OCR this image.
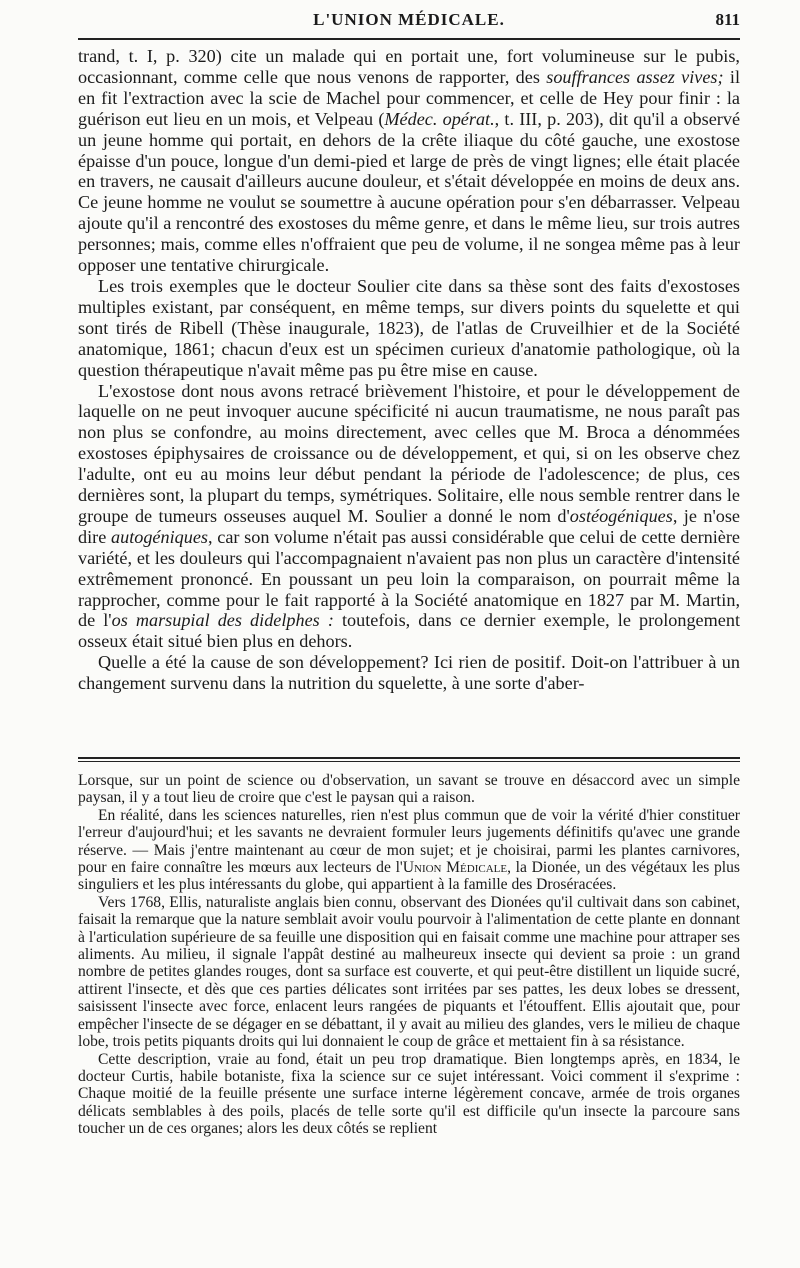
L'UNION MÉDICALE.	811

trand, t. I, p. 320) cite un malade qui en portait une, fort volumineuse sur le pubis, occasionnant, comme celle que nous venons de rapporter, des souffrances assez vives; il en fit l'extraction avec la scie de Machel pour commencer, et celle de Hey pour finir : la guérison eut lieu en un mois, et Velpeau (Médec. opérat., t. III, p. 203), dit qu'il a observé un jeune homme qui portait, en dehors de la crête iliaque du côté gauche, une exostose épaisse d'un pouce, longue d'un demi-pied et large de près de vingt lignes; elle était placée en travers, ne causait d'ailleurs aucune douleur, et s'était développée en moins de deux ans. Ce jeune homme ne voulut se soumettre à aucune opération pour s'en débarrasser. Velpeau ajoute qu'il a rencontré des exostoses du même genre, et dans le même lieu, sur trois autres personnes; mais, comme elles n'offraient que peu de volume, il ne songea même pas à leur opposer une tentative chirurgicale.

Les trois exemples que le docteur Soulier cite dans sa thèse sont des faits d'exostoses multiples existant, par conséquent, en même temps, sur divers points du squelette et qui sont tirés de Ribell (Thèse inaugurale, 1823), de l'atlas de Cruveilhier et de la Société anatomique, 1861; chacun d'eux est un spécimen curieux d'anatomie pathologique, où la question thérapeutique n'avait même pas pu être mise en cause.

L'exostose dont nous avons retracé brièvement l'histoire, et pour le développement de laquelle on ne peut invoquer aucune spécificité ni aucun traumatisme, ne nous paraît pas non plus se confondre, au moins directement, avec celles que M. Broca a dénommées exostoses épiphysaires de croissance ou de développement, et qui, si on les observe chez l'adulte, ont eu au moins leur début pendant la période de l'adolescence; de plus, ces dernières sont, la plupart du temps, symétriques. Solitaire, elle nous semble rentrer dans le groupe de tumeurs osseuses auquel M. Soulier a donné le nom d'ostéogéniques, je n'ose dire autogéniques, car son volume n'était pas aussi considérable que celui de cette dernière variété, et les douleurs qui l'accompagnaient n'avaient pas non plus un caractère d'intensité extrêmement prononcé. En poussant un peu loin la comparaison, on pourrait même la rapprocher, comme pour le fait rapporté à la Société anatomique en 1827 par M. Martin, de l'os marsupial des didelphes : toutefois, dans ce dernier exemple, le prolongement osseux était situé bien plus en dehors.

Quelle a été la cause de son développement? Ici rien de positif. Doit-on l'attribuer à un changement survenu dans la nutrition du squelette, à une sorte d'aber-

Lorsque, sur un point de science ou d'observation, un savant se trouve en désaccord avec un simple paysan, il y a tout lieu de croire que c'est le paysan qui a raison.

En réalité, dans les sciences naturelles, rien n'est plus commun que de voir la vérité d'hier constituer l'erreur d'aujourd'hui; et les savants ne devraient formuler leurs jugements définitifs qu'avec une grande réserve. — Mais j'entre maintenant au cœur de mon sujet; et je choisirai, parmi les plantes carnivores, pour en faire connaître les mœurs aux lecteurs de l'Union Médicale, la Dionée, un des végétaux les plus singuliers et les plus intéressants du globe, qui appartient à la famille des Droséracées.

Vers 1768, Ellis, naturaliste anglais bien connu, observant des Dionées qu'il cultivait dans son cabinet, faisait la remarque que la nature semblait avoir voulu pourvoir à l'alimentation de cette plante en donnant à l'articulation supérieure de sa feuille une disposition qui en faisait comme une machine pour attraper ses aliments. Au milieu, il signale l'appât destiné au malheureux insecte qui devient sa proie : un grand nombre de petites glandes rouges, dont sa surface est couverte, et qui peut-être distillent un liquide sucré, attirent l'insecte, et dès que ces parties délicates sont irritées par ses pattes, les deux lobes se dressent, saisissent l'insecte avec force, enlacent leurs rangées de piquants et l'étouffent. Ellis ajoutait que, pour empêcher l'insecte de se dégager en se débattant, il y avait au milieu des glandes, vers le milieu de chaque lobe, trois petits piquants droits qui lui donnaient le coup de grâce et mettaient fin à sa résistance.

Cette description, vraie au fond, était un peu trop dramatique. Bien longtemps après, en 1834, le docteur Curtis, habile botaniste, fixa la science sur ce sujet intéressant. Voici comment il s'exprime : Chaque moitié de la feuille présente une surface interne légèrement concave, armée de trois organes délicats semblables à des poils, placés de telle sorte qu'il est difficile qu'un insecte la parcoure sans toucher un de ces organes; alors les deux côtés se replient
